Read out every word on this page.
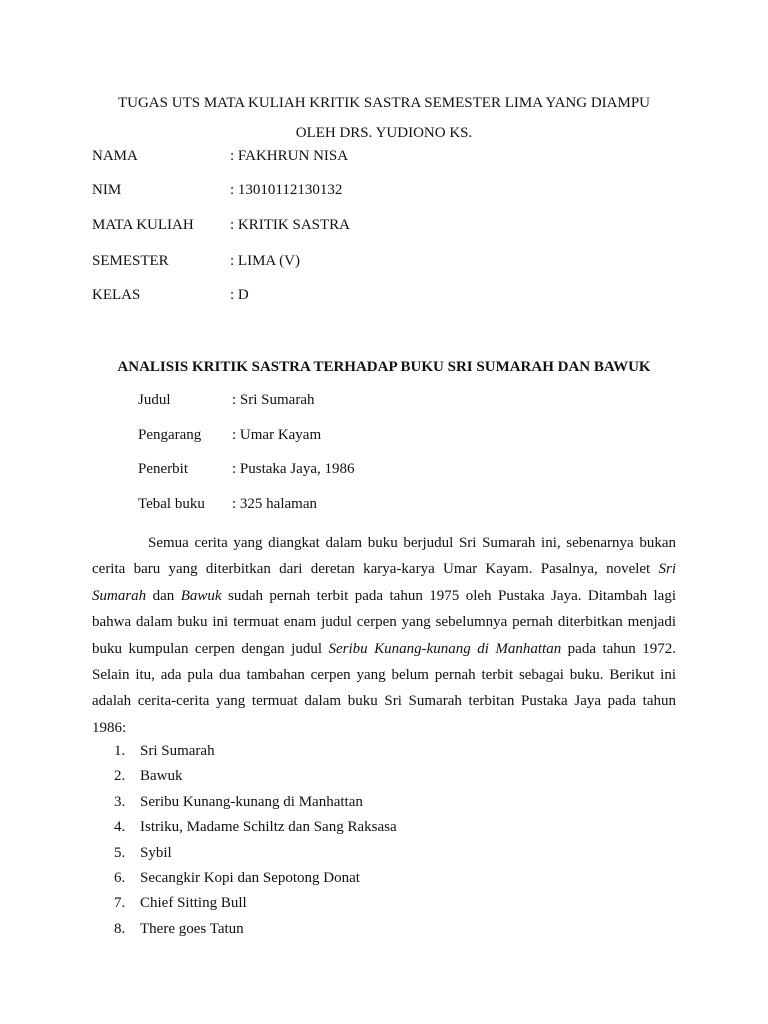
TUGAS UTS MATA KULIAH KRITIK SASTRA SEMESTER LIMA YANG DIAMPU
OLEH DRS. YUDIONO KS.
NAMA	: FAKHRUN NISA
NIM	: 13010112130132
MATA KULIAH : KRITIK SASTRA
SEMESTER	: LIMA (V)
KELAS	: D
ANALISIS KRITIK SASTRA TERHADAP BUKU SRI SUMARAH DAN BAWUK
Judul	: Sri Sumarah
Pengarang : Umar Kayam
Penerbit	: Pustaka Jaya, 1986
Tebal buku : 325 halaman

Semua cerita yang diangkat dalam buku berjudul Sri Sumarah ini, sebenarnya bukan cerita baru yang diterbitkan dari deretan karya-karya Umar Kayam. Pasalnya, novelet Sri Sumarah dan Bawuk sudah pernah terbit pada tahun 1975 oleh Pustaka Jaya. Ditambah lagi bahwa dalam buku ini termuat enam judul cerpen yang sebelumnya pernah diterbitkan menjadi buku kumpulan cerpen dengan judul Seribu Kunang-kunang di Manhattan pada tahun 1972. Selain itu, ada pula dua tambahan cerpen yang belum pernah terbit sebagai buku. Berikut ini adalah cerita-cerita yang termuat dalam buku Sri Sumarah terbitan Pustaka Jaya pada tahun 1986:

1. Sri Sumarah
2. Bawuk
3. Seribu Kunang-kunang di Manhattan
4. Istriku, Madame Schiltz dan Sang Raksasa
5. Sybil
6. Secangkir Kopi dan Sepotong Donat
7. Chief Sitting Bull
8. There goes Tatun
